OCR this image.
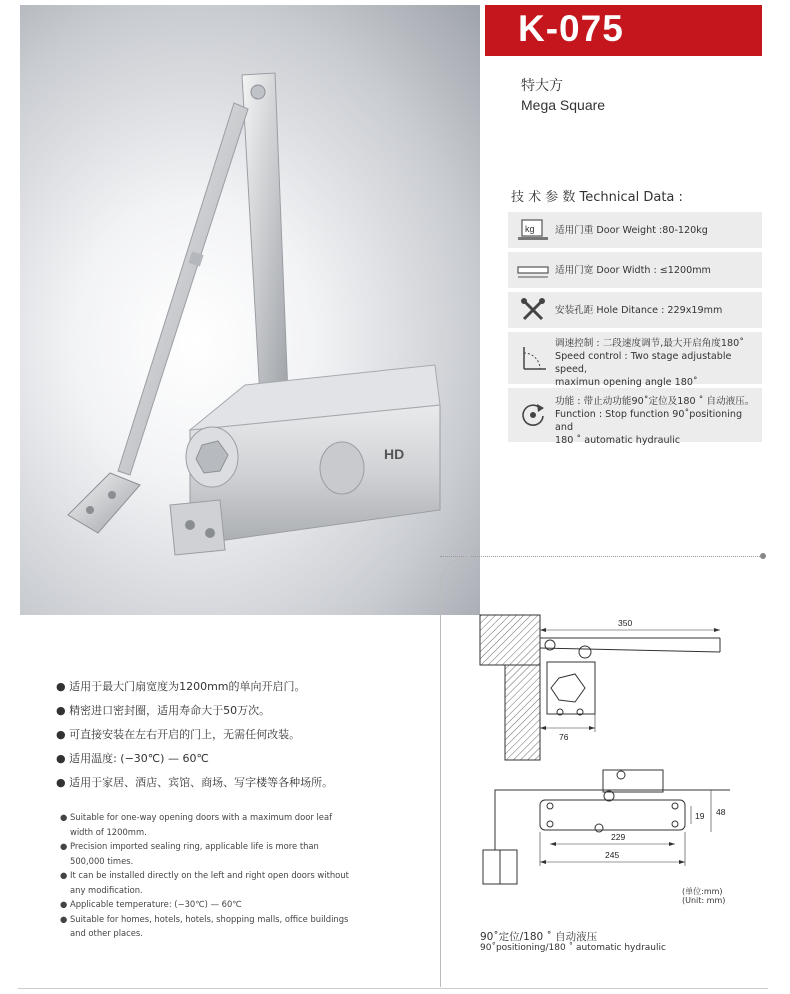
HD
K-075
特大方
Mega Square
技 术 参 数 Technical Data :
kg 适用门重 Door Weight :80-120kg
适用门宽 Door Width : ≤1200mm
安装孔距 Hole Ditance : 229x19mm
调速控制 : 二段速度调节,最大开启角度180˚
Speed control : Two stage adjustable speed,
maximun opening angle 180˚
功能 : 带止动功能90˚定位及180 ˚ 自动液压。
Function : Stop function 90˚positioning and
180 ˚ automatic hydraulic
● 适用于最大门扇宽度为1200mm的单向开启门。
● 精密进口密封圈，适用寿命大于50万次。
● 可直接安装在左右开启的门上，无需任何改装。
● 适用温度: (−30℃) — 60℃
● 适用于家居、酒店、宾馆、商场、写字楼等各种场所。
● Suitable for one-way opening doors with a maximum door leaf
width of 1200mm.
● Precision imported sealing ring, applicable life is more than
500,000 times.
● It can be installed directly on the left and right open doors without
any modification.
● Applicable temperature: (−30℃) — 60℃
● Suitable for homes, hotels, hotels, shopping malls, office buildings
and other places.
350
76
19 48
229
245
(单位:mm)
(Unit: mm)
90˚定位/180 ˚ 自动液压
90˚positioning/180 ˚ automatic hydraulic
